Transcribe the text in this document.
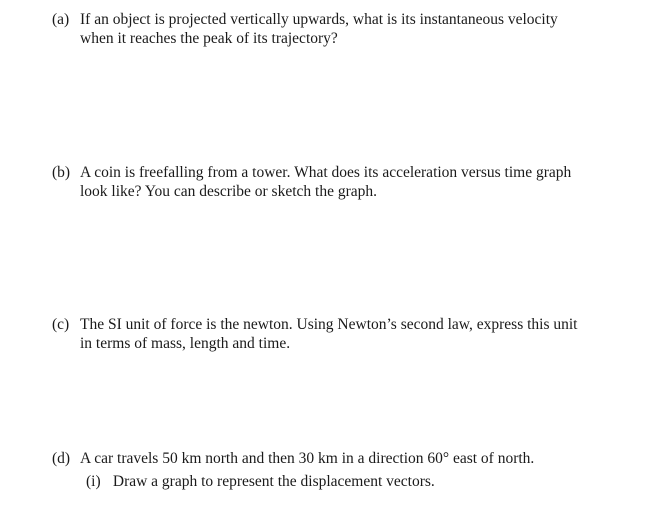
(a) If an object is projected vertically upwards, what is its instantaneous velocity
when it reaches the peak of its trajectory?
(b) A coin is freefalling from a tower. What does its acceleration versus time graph
look like? You can describe or sketch the graph.
(c) The SI unit of force is the newton. Using Newton’s second law, express this unit
in terms of mass, length and time.
(d) A car travels 50 km north and then 30 km in a direction 60° east of north.
(i) Draw a graph to represent the displacement vectors.
